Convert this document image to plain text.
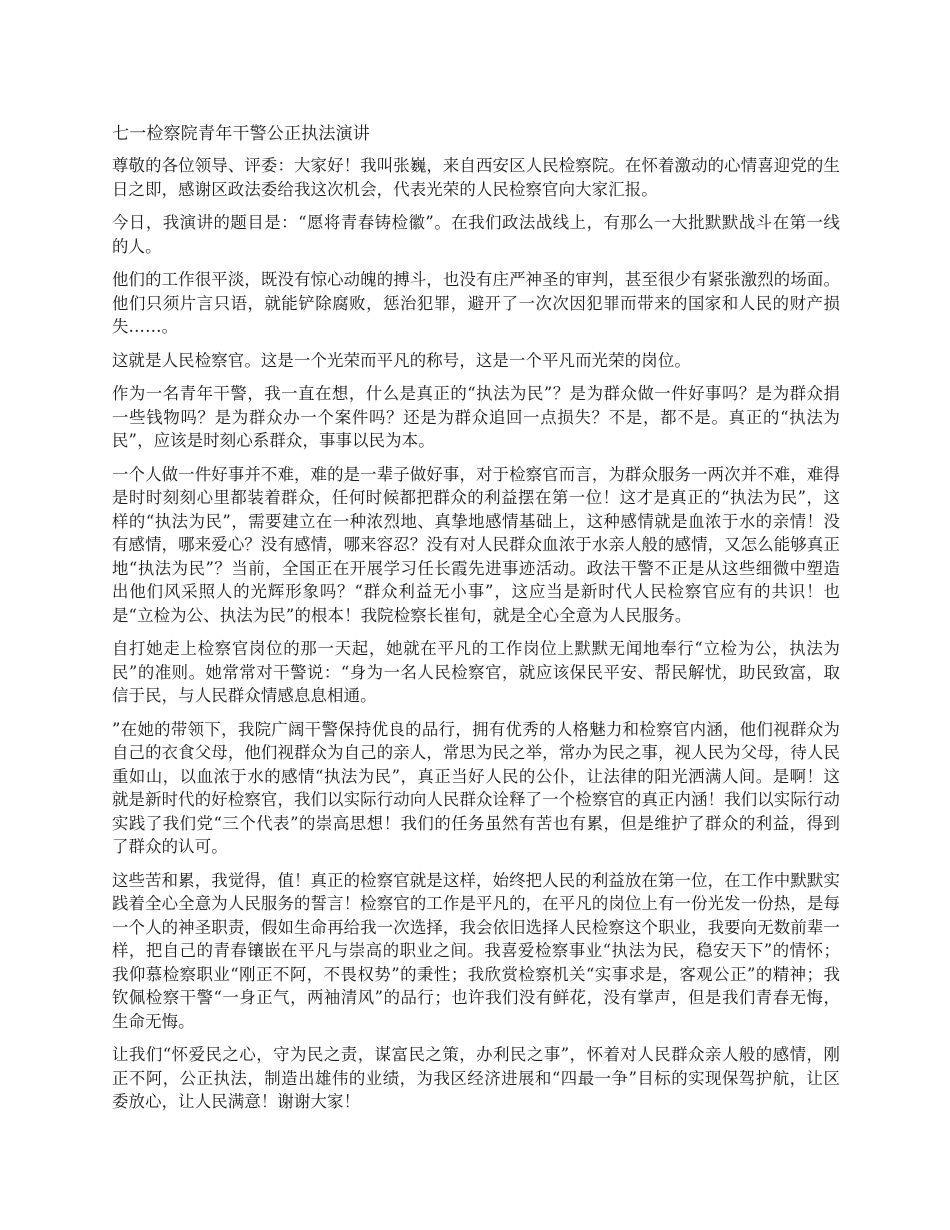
七一检察院青年干警公正执法演讲

尊敬的各位领导、评委：大家好！我叫张巍，来自西安区人民检察院。在怀着激动的心情喜迎党的生日之即，感谢区政法委给我这次机会，代表光荣的人民检察官向大家汇报。

今日，我演讲的题目是：“愿将青春铸检徽”。在我们政法战线上，有那么一大批默默战斗在第一线的人。

他们的工作很平淡，既没有惊心动魄的搏斗，也没有庄严神圣的审判，甚至很少有紧张激烈的场面。他们只须片言只语，就能铲除腐败，惩治犯罪，避开了一次次因犯罪而带来的国家和人民的财产损失……。

这就是人民检察官。这是一个光荣而平凡的称号，这是一个平凡而光荣的岗位。

作为一名青年干警，我一直在想，什么是真正的“执法为民”？是为群众做一件好事吗？是为群众捐一些钱物吗？是为群众办一个案件吗？还是为群众追回一点损失？不是，都不是。真正的“执法为民”，应该是时刻心系群众，事事以民为本。

一个人做一件好事并不难，难的是一辈子做好事，对于检察官而言，为群众服务一两次并不难，难得是时时刻刻心里都装着群众，任何时候都把群众的利益摆在第一位！这才是真正的“执法为民”，这样的“执法为民”，需要建立在一种浓烈地、真挚地感情基础上，这种感情就是血浓于水的亲情！没有感情，哪来爱心？没有感情，哪来容忍？没有对人民群众血浓于水亲人般的感情，又怎么能够真正地“执法为民”？当前，全国正在开展学习任长霞先进事迹活动。政法干警不正是从这些细微中塑造出他们风采照人的光辉形象吗？“群众利益无小事”，这应当是新时代人民检察官应有的共识！也是“立检为公、执法为民”的根本！我院检察长崔旬，就是全心全意为人民服务。

自打她走上检察官岗位的那一天起，她就在平凡的工作岗位上默默无闻地奉行“立检为公，执法为民”的准则。她常常对干警说：“身为一名人民检察官，就应该保民平安、帮民解忧，助民致富，取信于民，与人民群众情感息息相通。

”在她的带领下，我院广阔干警保持优良的品行，拥有优秀的人格魅力和检察官内涵，他们视群众为自己的衣食父母，他们视群众为自己的亲人，常思为民之举，常办为民之事，视人民为父母，待人民重如山，以血浓于水的感情“执法为民”，真正当好人民的公仆，让法律的阳光洒满人间。是啊！这就是新时代的好检察官，我们以实际行动向人民群众诠释了一个检察官的真正内涵！我们以实际行动实践了我们党“三个代表”的崇高思想！我们的任务虽然有苦也有累，但是维护了群众的利益，得到了群众的认可。

这些苦和累，我觉得，值！真正的检察官就是这样，始终把人民的利益放在第一位，在工作中默默实践着全心全意为人民服务的誓言！检察官的工作是平凡的，在平凡的岗位上有一份光发一份热，是每一个人的神圣职责，假如生命再给我一次选择，我会依旧选择人民检察这个职业，我要向无数前辈一样，把自己的青春镶嵌在平凡与崇高的职业之间。我喜爱检察事业“执法为民，稳安天下”的情怀；我仰慕检察职业“刚正不阿，不畏权势”的秉性；我欣赏检察机关“实事求是，客观公正”的精神；我钦佩检察干警“一身正气，两袖清风”的品行；也许我们没有鲜花，没有掌声，但是我们青春无悔，生命无悔。

让我们“怀爱民之心，守为民之责，谋富民之策，办利民之事”，怀着对人民群众亲人般的感情，刚正不阿，公正执法，制造出雄伟的业绩，为我区经济进展和“四最一争”目标的实现保驾护航，让区委放心，让人民满意！谢谢大家！
